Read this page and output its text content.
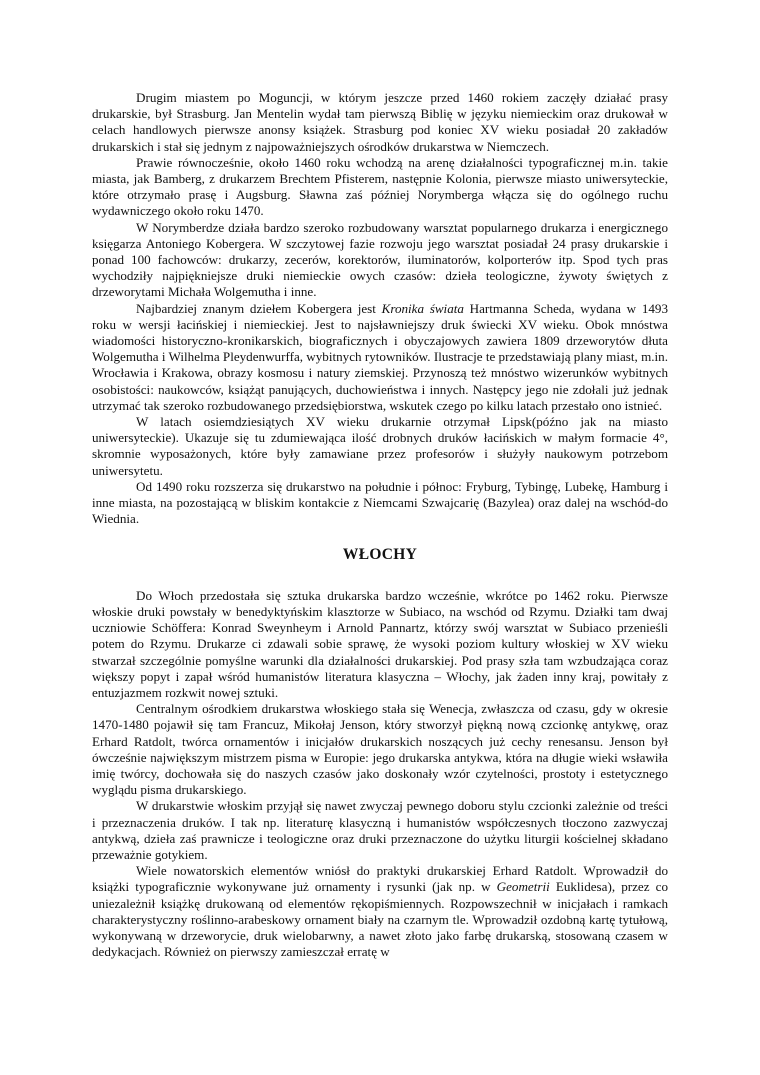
Drugim miastem po Moguncji, w którym jeszcze przed 1460 rokiem zaczęły działać prasy drukarskie, był Strasburg. Jan Mentelin wydał tam pierwszą Biblię w języku niemieckim oraz drukował w celach handlowych pierwsze anonsy książek. Strasburg pod koniec XV wieku posiadał 20 zakładów drukarskich i stał się jednym z najpoważniejszych ośrodków drukarstwa w Niemczech.

Prawie równocześnie, około 1460 roku wchodzą na arenę działalności typograficznej m.in. takie miasta, jak Bamberg, z drukarzem Brechtem Pfisterem, następnie Kolonia, pierwsze miasto uniwersyteckie, które otrzymało prasę i Augsburg. Sławna zaś później Norymberga włącza się do ogólnego ruchu wydawniczego około roku 1470.

W Norymberdze działa bardzo szeroko rozbudowany warsztat popularnego drukarza i energicznego księgarza Antoniego Kobergera. W szczytowej fazie rozwoju jego warsztat posiadał 24 prasy drukarskie i ponad 100 fachowców: drukarzy, zecerów, korektorów, iluminatorów, kolporterów itp. Spod tych pras wychodziły najpiękniejsze druki niemieckie owych czasów: dzieła teologiczne, żywoty świętych z drzeworytami Michała Wolgemutha i inne.

Najbardziej znanym dziełem Kobergera jest Kronika świata Hartmanna Scheda, wydana w 1493 roku w wersji łacińskiej i niemieckiej. Jest to najsławniejszy druk świecki XV wieku. Obok mnóstwa wiadomości historyczno-kronikarskich, biograficznych i obyczajowych zawiera 1809 drzeworytów dłuta Wolgemutha i Wilhelma Pleydenwurffa, wybitnych rytowników. Ilustracje te przedstawiają plany miast, m.in. Wrocławia i Krakowa, obrazy kosmosu i natury ziemskiej. Przynoszą też mnóstwo wizerunków wybitnych osobistości: naukowców, książąt panujących, duchowieństwa i innych. Następcy jego nie zdołali już jednak utrzymać tak szeroko rozbudowanego przedsiębiorstwa, wskutek czego po kilku latach przestało ono istnieć.

W latach osiemdziesiątych XV wieku drukarnie otrzymał Lipsk(późno jak na miasto uniwersyteckie). Ukazuje się tu zdumiewająca ilość drobnych druków łacińskich w małym formacie 4°, skromnie wyposażonych, które były zamawiane przez profesorów i służyły naukowym potrzebom uniwersytetu.

Od 1490 roku rozszerza się drukarstwo na południe i północ: Fryburg, Tybingę, Lubekę, Hamburg i inne miasta, na pozostającą w bliskim kontakcie z Niemcami Szwajcarię (Bazylea) oraz dalej na wschód-do Wiednia.

WŁOCHY

Do Włoch przedostała się sztuka drukarska bardzo wcześnie, wkrótce po 1462 roku. Pierwsze włoskie druki powstały w benedyktyńskim klasztorze w Subiaco, na wschód od Rzymu. Działki tam dwaj uczniowie Schöffera: Konrad Sweynheym i Arnold Pannartz, którzy swój warsztat w Subiaco przenieśli potem do Rzymu. Drukarze ci zdawali sobie sprawę, że wysoki poziom kultury włoskiej w XV wieku stwarzał szczególnie pomyślne warunki dla działalności drukarskiej. Pod prasy szła tam wzbudzająca coraz większy popyt i zapał wśród humanistów literatura klasyczna – Włochy, jak żaden inny kraj, powitały z entuzjazmem rozkwit nowej sztuki.

Centralnym ośrodkiem drukarstwa włoskiego stała się Wenecja, zwłaszcza od czasu, gdy w okresie 1470-1480 pojawił się tam Francuz, Mikołaj Jenson, który stworzył piękną nową czcionkę antykwę, oraz Erhard Ratdolt, twórca ornamentów i inicjałów drukarskich noszących już cechy renesansu. Jenson był ówcześnie największym mistrzem pisma w Europie: jego drukarska antykwa, która na długie wieki wsławiła imię twórcy, dochowała się do naszych czasów jako doskonały wzór czytelności, prostoty i estetycznego wyglądu pisma drukarskiego.

W drukarstwie włoskim przyjął się nawet zwyczaj pewnego doboru stylu czcionki zależnie od treści i przeznaczenia druków. I tak np. literaturę klasyczną i humanistów współczesnych tłoczono zazwyczaj antykwą, dzieła zaś prawnicze i teologiczne oraz druki przeznaczone do użytku liturgii kościelnej składano przeważnie gotykiem.

Wiele nowatorskich elementów wniósł do praktyki drukarskiej Erhard Ratdolt. Wprowadził do książki typograficznie wykonywane już ornamenty i rysunki (jak np. w Geometrii Euklidesa), przez co uniezależnił książkę drukowaną od elementów rękopiśmiennych. Rozpowszechnił w inicjałach i ramkach charakterystyczny roślinno-arabeskowy ornament biały na czarnym tle. Wprowadził ozdobną kartę tytułową, wykonywaną w drzeworycie, druk wielobarwny, a nawet złoto jako farbę drukarską, stosowaną czasem w dedykacjach. Również on pierwszy zamieszczał erratę w
